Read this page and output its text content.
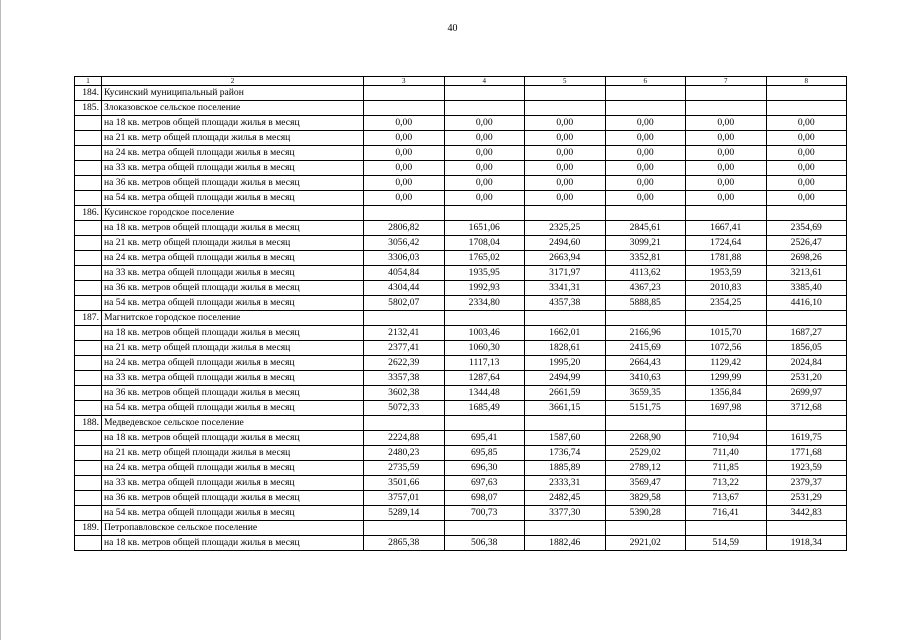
40
1	2	3	4	5	6	7	8
184.	Кусинский муниципальный район						
185.	Злоказовское сельское поселение						
	на 18 кв. метров общей площади жилья в месяц	0,00	0,00	0,00	0,00	0,00	0,00
	на 21 кв. метр общей площади жилья в месяц	0,00	0,00	0,00	0,00	0,00	0,00
	на 24 кв. метра общей площади жилья в месяц	0,00	0,00	0,00	0,00	0,00	0,00
	на 33 кв. метра общей площади жилья в месяц	0,00	0,00	0,00	0,00	0,00	0,00
	на 36 кв. метров общей площади жилья в месяц	0,00	0,00	0,00	0,00	0,00	0,00
	на 54 кв. метра общей площади жилья в месяц	0,00	0,00	0,00	0,00	0,00	0,00
186.	Кусинское городское поселение						
	на 18 кв. метров общей площади жилья в месяц	2806,82	1651,06	2325,25	2845,61	1667,41	2354,69
	на 21 кв. метр общей площади жилья в месяц	3056,42	1708,04	2494,60	3099,21	1724,64	2526,47
	на 24 кв. метра общей площади жилья в месяц	3306,03	1765,02	2663,94	3352,81	1781,88	2698,26
	на 33 кв. метра общей площади жилья в месяц	4054,84	1935,95	3171,97	4113,62	1953,59	3213,61
	на 36 кв. метров общей площади жилья в месяц	4304,44	1992,93	3341,31	4367,23	2010,83	3385,40
	на 54 кв. метра общей площади жилья в месяц	5802,07	2334,80	4357,38	5888,85	2354,25	4416,10
187.	Магнитское городское поселение						
	на 18 кв. метров общей площади жилья в месяц	2132,41	1003,46	1662,01	2166,96	1015,70	1687,27
	на 21 кв. метр общей площади жилья в месяц	2377,41	1060,30	1828,61	2415,69	1072,56	1856,05
	на 24 кв. метра общей площади жилья в месяц	2622,39	1117,13	1995,20	2664,43	1129,42	2024,84
	на 33 кв. метра общей площади жилья в месяц	3357,38	1287,64	2494,99	3410,63	1299,99	2531,20
	на 36 кв. метров общей площади жилья в месяц	3602,38	1344,48	2661,59	3659,35	1356,84	2699,97
	на 54 кв. метра общей площади жилья в месяц	5072,33	1685,49	3661,15	5151,75	1697,98	3712,68
188.	Медведевское сельское поселение						
	на 18 кв. метров общей площади жилья в месяц	2224,88	695,41	1587,60	2268,90	710,94	1619,75
	на 21 кв. метр общей площади жилья в месяц	2480,23	695,85	1736,74	2529,02	711,40	1771,68
	на 24 кв. метра общей площади жилья в месяц	2735,59	696,30	1885,89	2789,12	711,85	1923,59
	на 33 кв. метра общей площади жилья в месяц	3501,66	697,63	2333,31	3569,47	713,22	2379,37
	на 36 кв. метров общей площади жилья в месяц	3757,01	698,07	2482,45	3829,58	713,67	2531,29
	на 54 кв. метра общей площади жилья в месяц	5289,14	700,73	3377,30	5390,28	716,41	3442,83
189.	Петропавловское сельское поселение						
	на 18 кв. метров общей площади жилья в месяц	2865,38	506,38	1882,46	2921,02	514,59	1918,34
